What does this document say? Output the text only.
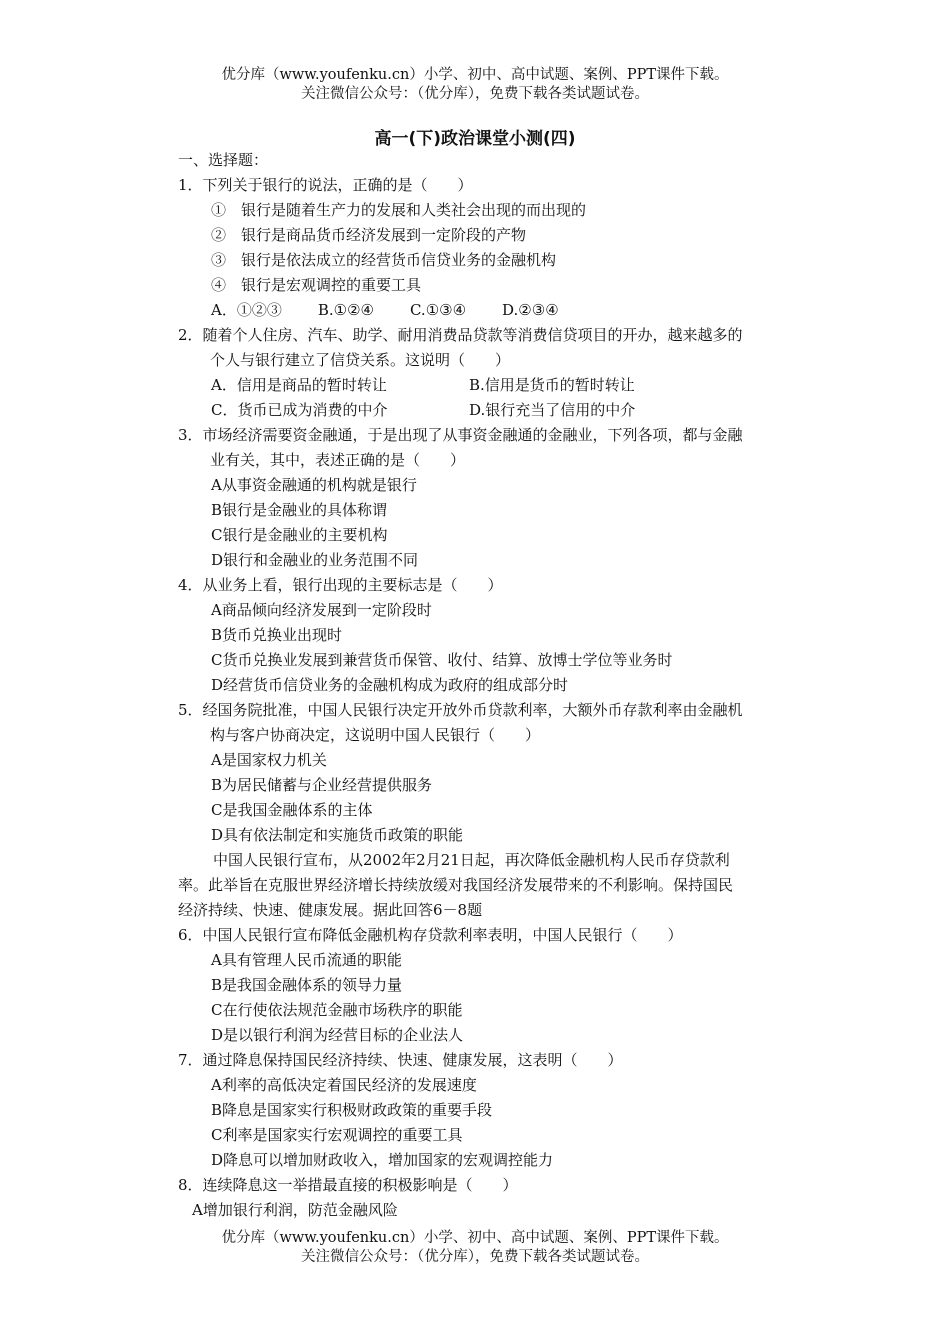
优分库（www.youfenku.cn）小学、初中、高中试题、案例、PPT课件下载。
关注微信公众号：（优分库），免费下载各类试题试卷。
高一(下)政治课堂小测(四)
一、选择题：
1．下列关于银行的说法，正确的是（　　）
①　银行是随着生产力的发展和人类社会出现的而出现的
②　银行是商品货币经济发展到一定阶段的产物
③　银行是依法成立的经营货币信贷业务的金融机构
④　银行是宏观调控的重要工具
A．①②③ B.①②④ C.①③④ D.②③④
2．随着个人住房、汽车、助学、耐用消费品贷款等消费信贷项目的开办，越来越多的
个人与银行建立了信贷关系。这说明（　　）
A．信用是商品的暂时转让	B.信用是货币的暂时转让
C．货币已成为消费的中介	D.银行充当了信用的中介
3．市场经济需要资金融通，于是出现了从事资金融通的金融业，下列各项，都与金融
业有关，其中，表述正确的是（　　）
A从事资金融通的机构就是银行
B银行是金融业的具体称谓
C银行是金融业的主要机构
D银行和金融业的业务范围不同
4．从业务上看，银行出现的主要标志是（　　）
A商品倾向经济发展到一定阶段时
B货币兑换业出现时
C货币兑换业发展到兼营货币保管、收付、结算、放博士学位等业务时
D经营货币信贷业务的金融机构成为政府的组成部分时
5．经国务院批准，中国人民银行决定开放外币贷款利率，大额外币存款利率由金融机
构与客户协商决定，这说明中国人民银行（　　）
A是国家权力机关
B为居民储蓄与企业经营提供服务
C是我国金融体系的主体
D具有依法制定和实施货币政策的职能
中国人民银行宣布，从2002年2月21日起，再次降低金融机构人民币存贷款利
率。此举旨在克服世界经济增长持续放缓对我国经济发展带来的不利影响。保持国民
经济持续、快速、健康发展。据此回答6－8题
6．中国人民银行宣布降低金融机构存贷款利率表明，中国人民银行（　　）
A具有管理人民币流通的职能
B是我国金融体系的领导力量
C在行使依法规范金融市场秩序的职能
D是以银行利润为经营目标的企业法人
7．通过降息保持国民经济持续、快速、健康发展，这表明（　　）
A利率的高低决定着国民经济的发展速度
B降息是国家实行积极财政政策的重要手段
C利率是国家实行宏观调控的重要工具
D降息可以增加财政收入，增加国家的宏观调控能力
8．连续降息这一举措最直接的积极影响是（　　）
A增加银行利润，防范金融风险
优分库（www.youfenku.cn）小学、初中、高中试题、案例、PPT课件下载。
关注微信公众号：（优分库），免费下载各类试题试卷。
